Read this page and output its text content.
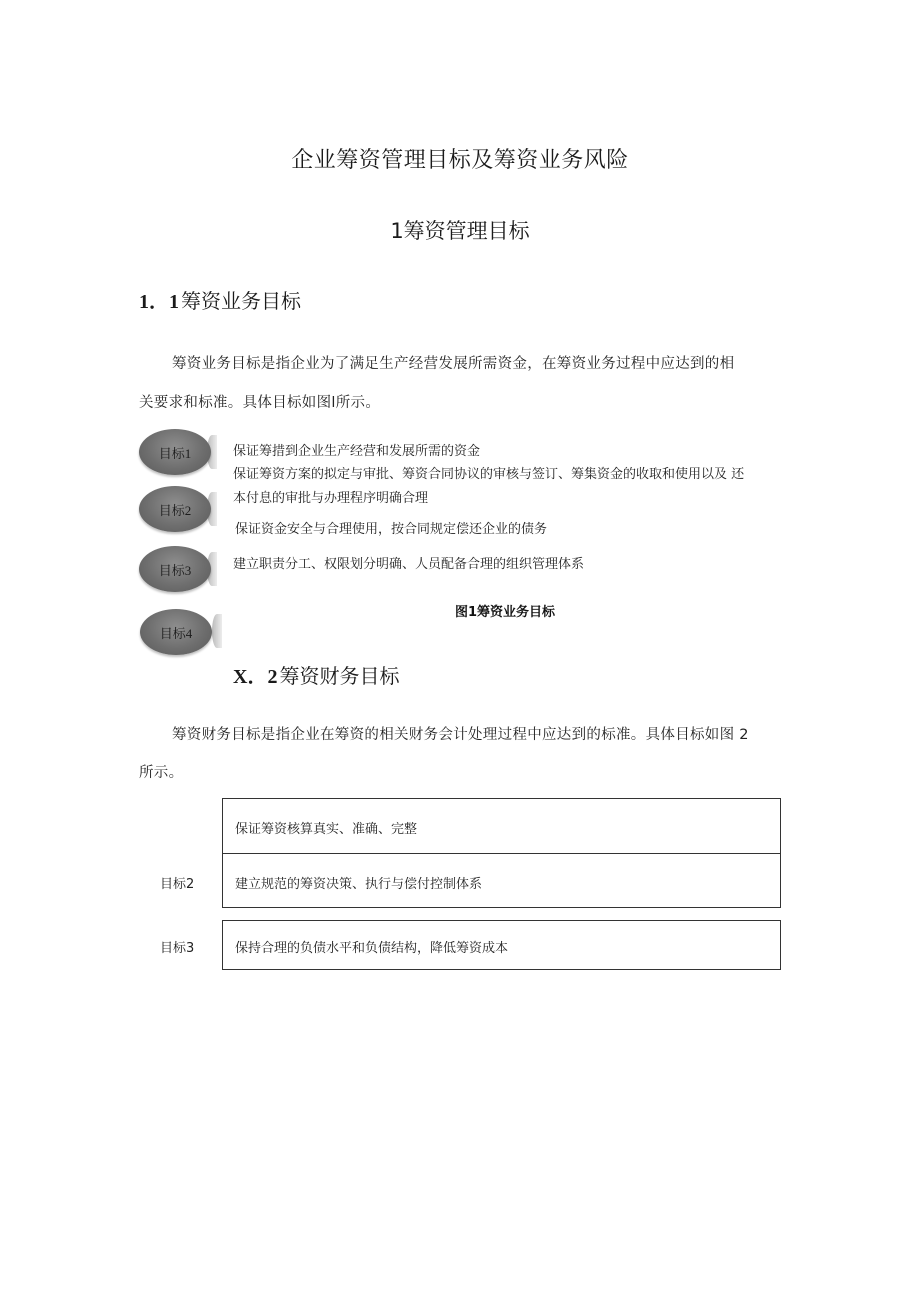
企业筹资管理目标及筹资业务风险
1筹资管理目标
1．1 筹资业务目标
筹资业务目标是指企业为了满足生产经营发展所需资金，在筹资业务过程中应达到的相
关要求和标准。具体目标如图l所示。
目标1
目标2
目标3
目标4
保证筹措到企业生产经营和发展所需的资金
保证筹资方案的拟定与审批、筹资合同协议的审核与签订、筹集资金的收取和使用以及 还
本付息的审批与办理程序明确合理
保证资金安全与合理使用，按合同规定偿还企业的债务
建立职责分工、权限划分明确、人员配备合理的组织管理体系
图1筹资业务目标
X．2 筹资财务目标
筹资财务目标是指企业在筹资的相关财务会计处理过程中应达到的标准。具体目标如图 2
所示。
保证筹资核算真实、准确、完整
目标2	建立规范的筹资决策、执行与偿付控制体系
目标3	保持合理的负债水平和负债结构，降低筹资成本
